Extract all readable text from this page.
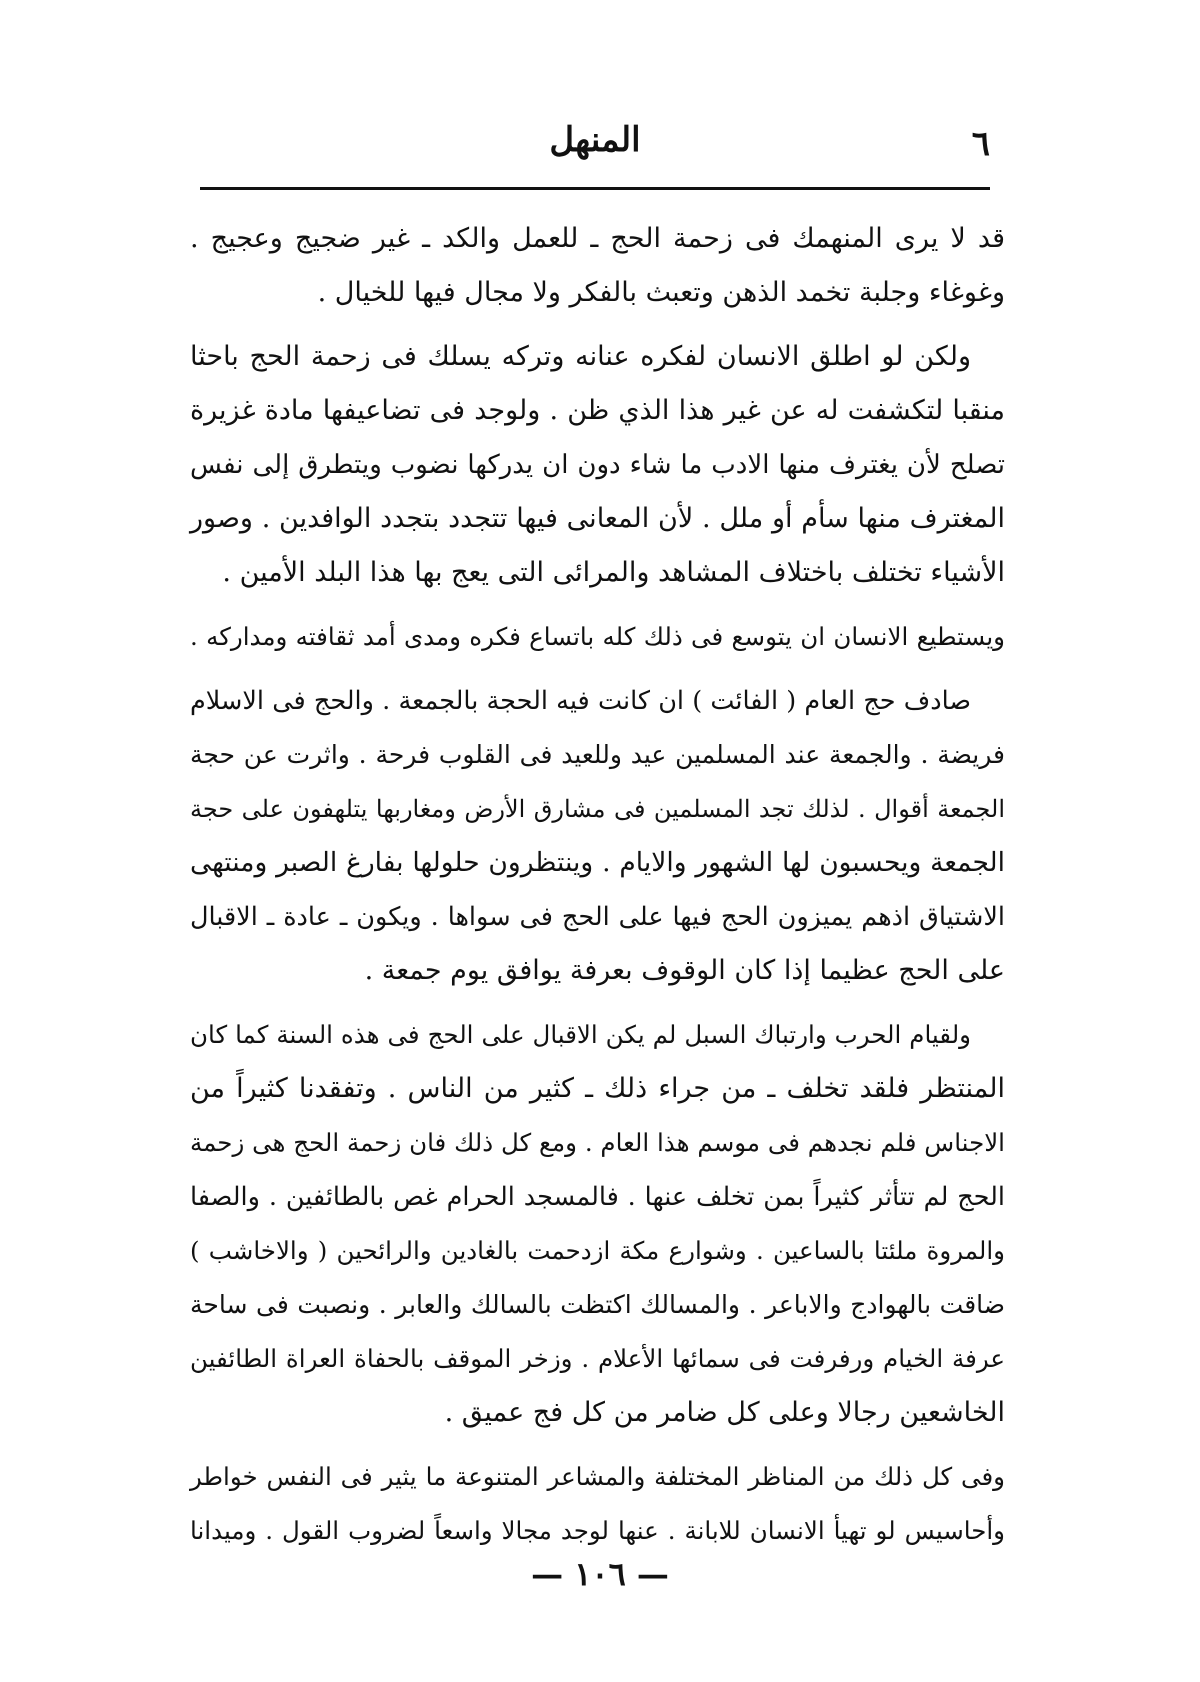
٦
المنهل
قد لا يرى المنهمك فى زحمة الحج ـ للعمل والكد ـ غير ضجيج وعجيج .
وغوغاء وجلبة تخمد الذهن وتعبث بالفكر ولا مجال فيها للخيال .
ولكن لو اطلق الانسان لفكره عنانه وتركه يسلك فى زحمة الحج باحثا
منقبا لتكشفت له عن غير هذا الذي ظن . ولوجد فى تضاعيفها مادة غزيرة
تصلح لأن يغترف منها الادب ما شاء دون ان يدركها نضوب ويتطرق إلى نفس
المغترف منها سأم أو ملل . لأن المعانى فيها تتجدد بتجدد الوافدين . وصور
الأشياء تختلف باختلاف المشاهد والمرائى التى يعج بها هذا البلد الأمين .
ويستطيع الانسان ان يتوسع فى ذلك كله باتساع فكره ومدى أمد ثقافته ومداركه .
صادف حج العام ( الفائت ) ان كانت فيه الحجة بالجمعة . والحج فى الاسلام
فريضة . والجمعة عند المسلمين عيد وللعيد فى القلوب فرحة . واثرت عن حجة
الجمعة أقوال . لذلك تجد المسلمين فى مشارق الأرض ومغاربها يتلهفون على حجة
الجمعة ويحسبون لها الشهور والايام . وينتظرون حلولها بفارغ الصبر ومنتهى
الاشتياق اذهم يميزون الحج فيها على الحج فى سواها . ويكون ـ عادة ـ الاقبال
على الحج عظيما إذا كان الوقوف بعرفة يوافق يوم جمعة .
ولقيام الحرب وارتباك السبل لم يكن الاقبال على الحج فى هذه السنة كما كان
المنتظر فلقد تخلف ـ من جراء ذلك ـ كثير من الناس . وتفقدنا كثيراً من
الاجناس فلم نجدهم فى موسم هذا العام . ومع كل ذلك فان زحمة الحج هى زحمة
الحج لم تتأثر كثيراً بمن تخلف عنها . فالمسجد الحرام غص بالطائفين . والصفا
والمروة ملئتا بالساعين . وشوارع مكة ازدحمت بالغادين والرائحين ( والاخاشب )
ضاقت بالهوادج والاباعر . والمسالك اكتظت بالسالك والعابر . ونصبت فى ساحة
عرفة الخيام ورفرفت فى سمائها الأعلام . وزخر الموقف بالحفاة العراة الطائفين
الخاشعين رجالا وعلى كل ضامر من كل فج عميق .
وفى كل ذلك من المناظر المختلفة والمشاعر المتنوعة ما يثير فى النفس خواطر
وأحاسيس لو تهيأ الانسان للابانة . عنها لوجد مجالا واسعاً لضروب القول . وميدانا
— ١٠٦ —
